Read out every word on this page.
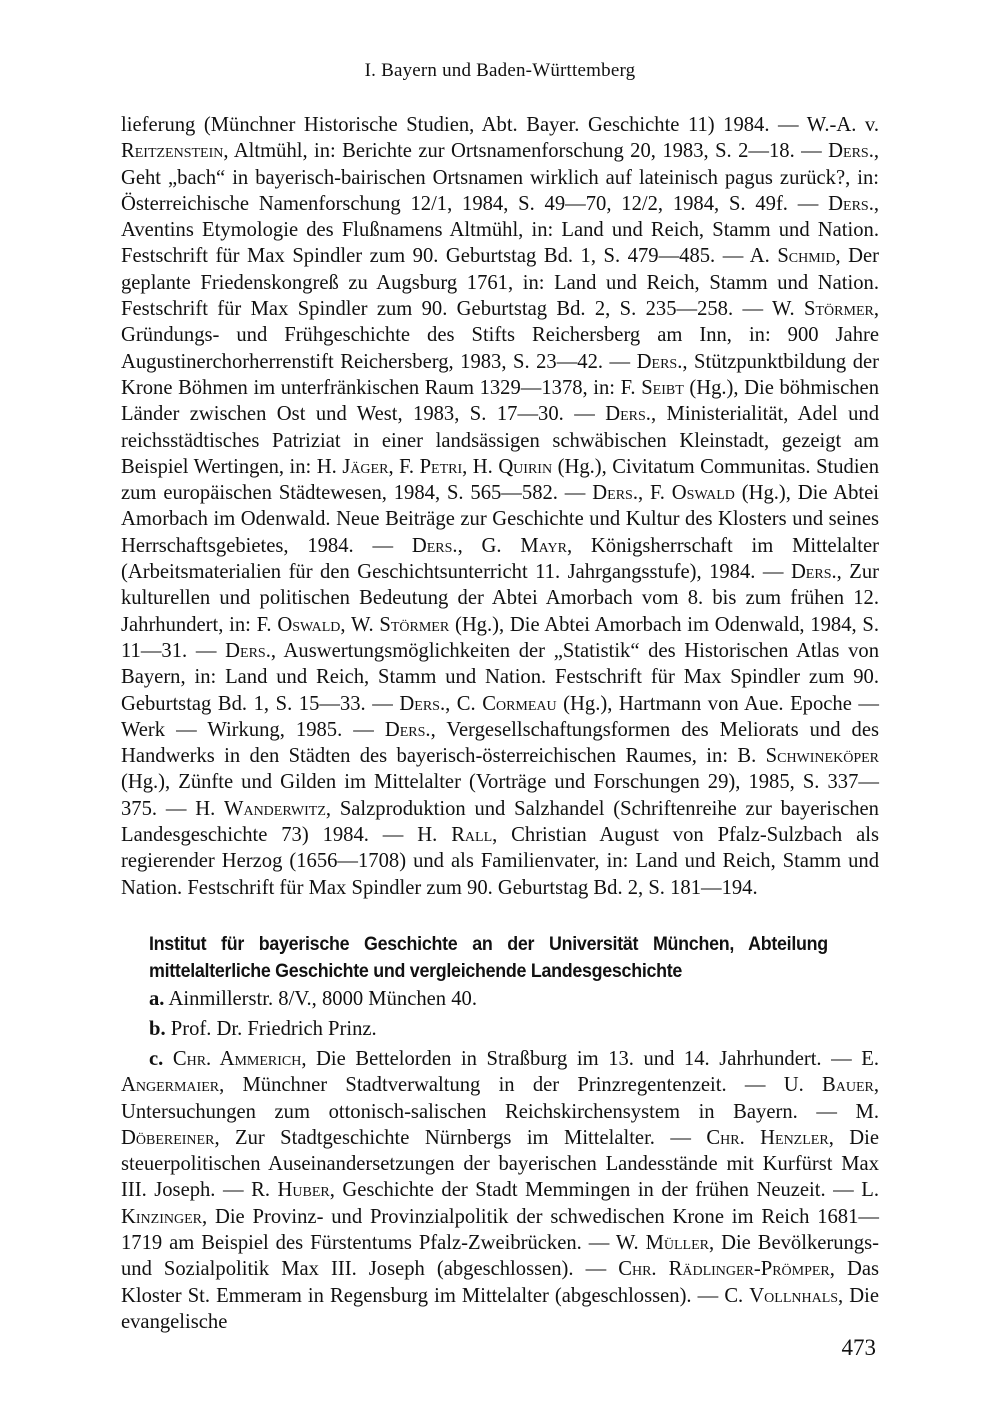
I. Bayern und Baden-Württemberg
lieferung (Münchner Historische Studien, Abt. Bayer. Geschichte 11) 1984. — W.-A. v. Reitzenstein, Altmühl, in: Berichte zur Ortsnamenforschung 20, 1983, S. 2—18. — Ders., Geht „bach“ in bayerisch-bairischen Ortsnamen wirklich auf lateinisch pagus zurück?, in: Österreichische Namenforschung 12/1, 1984, S. 49—70, 12/2, 1984, S. 49f. — Ders., Aventins Etymologie des Flußnamens Altmühl, in: Land und Reich, Stamm und Nation. Festschrift für Max Spindler zum 90. Geburtstag Bd. 1, S. 479—485. — A. Schmid, Der geplante Friedenskongreß zu Augsburg 1761, in: Land und Reich, Stamm und Nation. Festschrift für Max Spindler zum 90. Geburtstag Bd. 2, S. 235—258. — W. Störmer, Gründungs- und Frühgeschichte des Stifts Reichersberg am Inn, in: 900 Jahre Augustinerchorherrenstift Reichersberg, 1983, S. 23—42. — Ders., Stützpunktbildung der Krone Böhmen im unterfränkischen Raum 1329—1378, in: F. Seibt (Hg.), Die böhmischen Länder zwischen Ost und West, 1983, S. 17—30. — Ders., Ministerialität, Adel und reichsstädtisches Patriziat in einer landsässigen schwäbischen Kleinstadt, gezeigt am Beispiel Wertingen, in: H. Jäger, F. Petri, H. Quirin (Hg.), Civitatum Communitas. Studien zum europäischen Städtewesen, 1984, S. 565—582. — Ders., F. Oswald (Hg.), Die Abtei Amorbach im Odenwald. Neue Beiträge zur Geschichte und Kultur des Klosters und seines Herrschaftsgebietes, 1984. — Ders., G. Mayr, Königsherrschaft im Mittelalter (Arbeitsmaterialien für den Geschichtsunterricht 11. Jahrgangsstufe), 1984. — Ders., Zur kulturellen und politischen Bedeutung der Abtei Amorbach vom 8. bis zum frühen 12. Jahrhundert, in: F. Oswald, W. Störmer (Hg.), Die Abtei Amorbach im Odenwald, 1984, S. 11—31. — Ders., Auswertungsmöglichkeiten der „Statistik“ des Historischen Atlas von Bayern, in: Land und Reich, Stamm und Nation. Festschrift für Max Spindler zum 90. Geburtstag Bd. 1, S. 15—33. — Ders., C. Cormeau (Hg.), Hartmann von Aue. Epoche — Werk — Wirkung, 1985. — Ders., Vergesellschaftungsformen des Meliorats und des Handwerks in den Städten des bayerisch-österreichischen Raumes, in: B. Schwineköper (Hg.), Zünfte und Gilden im Mittelalter (Vorträge und Forschungen 29), 1985, S. 337—375. — H. Wanderwitz, Salzproduktion und Salzhandel (Schriftenreihe zur bayerischen Landesgeschichte 73) 1984. — H. Rall, Christian August von Pfalz-Sulzbach als regierender Herzog (1656—1708) und als Familienvater, in: Land und Reich, Stamm und Nation. Festschrift für Max Spindler zum 90. Geburtstag Bd. 2, S. 181—194.
Institut für bayerische Geschichte an der Universität München, Abteilung mittelalterliche Geschichte und vergleichende Landesgeschichte
a. Ainmillerstr. 8/V., 8000 München 40.
b. Prof. Dr. Friedrich Prinz.
c. Chr. Ammerich, Die Bettelorden in Straßburg im 13. und 14. Jahrhundert. — E. Angermaier, Münchner Stadtverwaltung in der Prinzregentenzeit. — U. Bauer, Untersuchungen zum ottonisch-salischen Reichskirchensystem in Bayern. — M. Döbereiner, Zur Stadtgeschichte Nürnbergs im Mittelalter. — Chr. Henzler, Die steuerpolitischen Auseinandersetzungen der bayerischen Landesstände mit Kurfürst Max III. Joseph. — R. Huber, Geschichte der Stadt Memmingen in der frühen Neuzeit. — L. Kinzinger, Die Provinz- und Provinzialpolitik der schwedischen Krone im Reich 1681—1719 am Beispiel des Fürstentums Pfalz-Zweibrücken. — W. Müller, Die Bevölkerungs- und Sozialpolitik Max III. Joseph (abgeschlossen). — Chr. Rädlinger-Prömper, Das Kloster St. Emmeram in Regensburg im Mittelalter (abgeschlossen). — C. Vollnhals, Die evangelische
473
